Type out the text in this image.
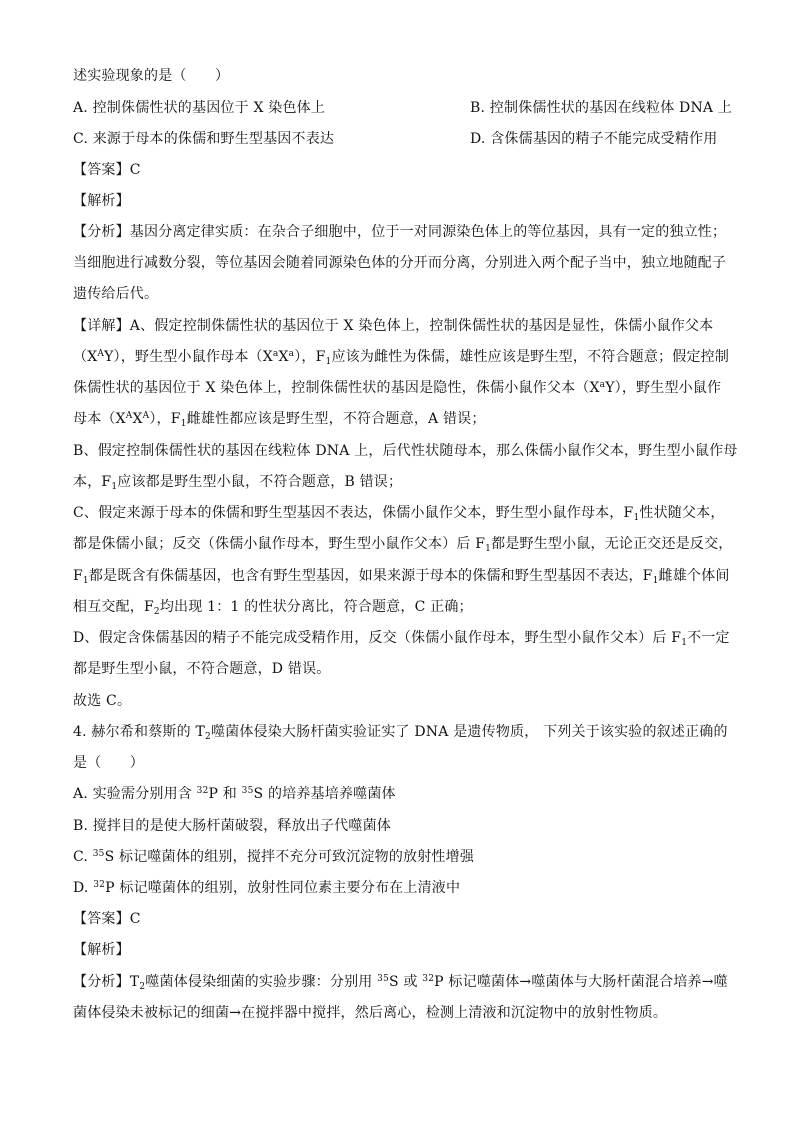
述实验现象的是（　　）
A. 控制侏儒性状的基因位于 X 染色体上	B. 控制侏儒性状的基因在线粒体 DNA 上
C. 来源于母本的侏儒和野生型基因不表达	D. 含侏儒基因的精子不能完成受精作用
【答案】C
【解析】
【分析】基因分离定律实质：在杂合子细胞中，位于一对同源染色体上的等位基因，具有一定的独立性；
当细胞进行减数分裂，等位基因会随着同源染色体的分开而分离，分别进入两个配子当中，独立地随配子
遗传给后代。
【详解】A、假定控制侏儒性状的基因位于 X 染色体上，控制侏儒性状的基因是显性，侏儒小鼠作父本
$(X^AY)$，野生型小鼠作母本$(X^aX^a)$，$F_1$应该为雌性为侏儒，雄性应该是野生型，不符合题意；假定控制
侏儒性状的基因位于 X 染色体上，控制侏儒性状的基因是隐性，侏儒小鼠作父本$(X^aY)$，野生型小鼠作
母本$(X^AX^A)$，$F_1$雌雄性都应该是野生型，不符合题意，A 错误；
B、假定控制侏儒性状的基因在线粒体 DNA 上，后代性状随母本，那么侏儒小鼠作父本，野生型小鼠作母
本，$F_1$应该都是野生型小鼠，不符合题意，B 错误；
C、假定来源于母本的侏儒和野生型基因不表达，侏儒小鼠作父本，野生型小鼠作母本，$F_1$性状随父本，
都是侏儒小鼠；反交（侏儒小鼠作母本，野生型小鼠作父本）后 $F_1$都是野生型小鼠，无论正交还是反交，
$F_1$都是既含有侏儒基因，也含有野生型基因，如果来源于母本的侏儒和野生型基因不表达，$F_1$雌雄个体间
相互交配，$F_2$均出现 1：1 的性状分离比，符合题意，C 正确；
D、假定含侏儒基因的精子不能完成受精作用，反交（侏儒小鼠作母本，野生型小鼠作父本）后 $F_1$不一定
都是野生型小鼠，不符合题意，D 错误。
故选 C。
4. 赫尔希和蔡斯的 $T_2$噬菌体侵染大肠杆菌实验证实了 DNA 是遗传物质， 下列关于该实验的叙述正确的
是（　　）
A. 实验需分别用含 $^{32}$P 和 $^{35}$S 的培养基培养噬菌体
B. 搅拌目的是使大肠杆菌破裂，释放出子代噬菌体
C. $^{35}$S 标记噬菌体的组别，搅拌不充分可致沉淀物的放射性增强
D. $^{32}$P 标记噬菌体的组别，放射性同位素主要分布在上清液中
【答案】C
【解析】
【分析】$T_2$噬菌体侵染细菌的实验步骤：分别用 $^{35}$S 或 $^{32}$P 标记噬菌体→噬菌体与大肠杆菌混合培养→噬
菌体侵染未被标记的细菌→在搅拌器中搅拌，然后离心，检测上清液和沉淀物中的放射性物质。
